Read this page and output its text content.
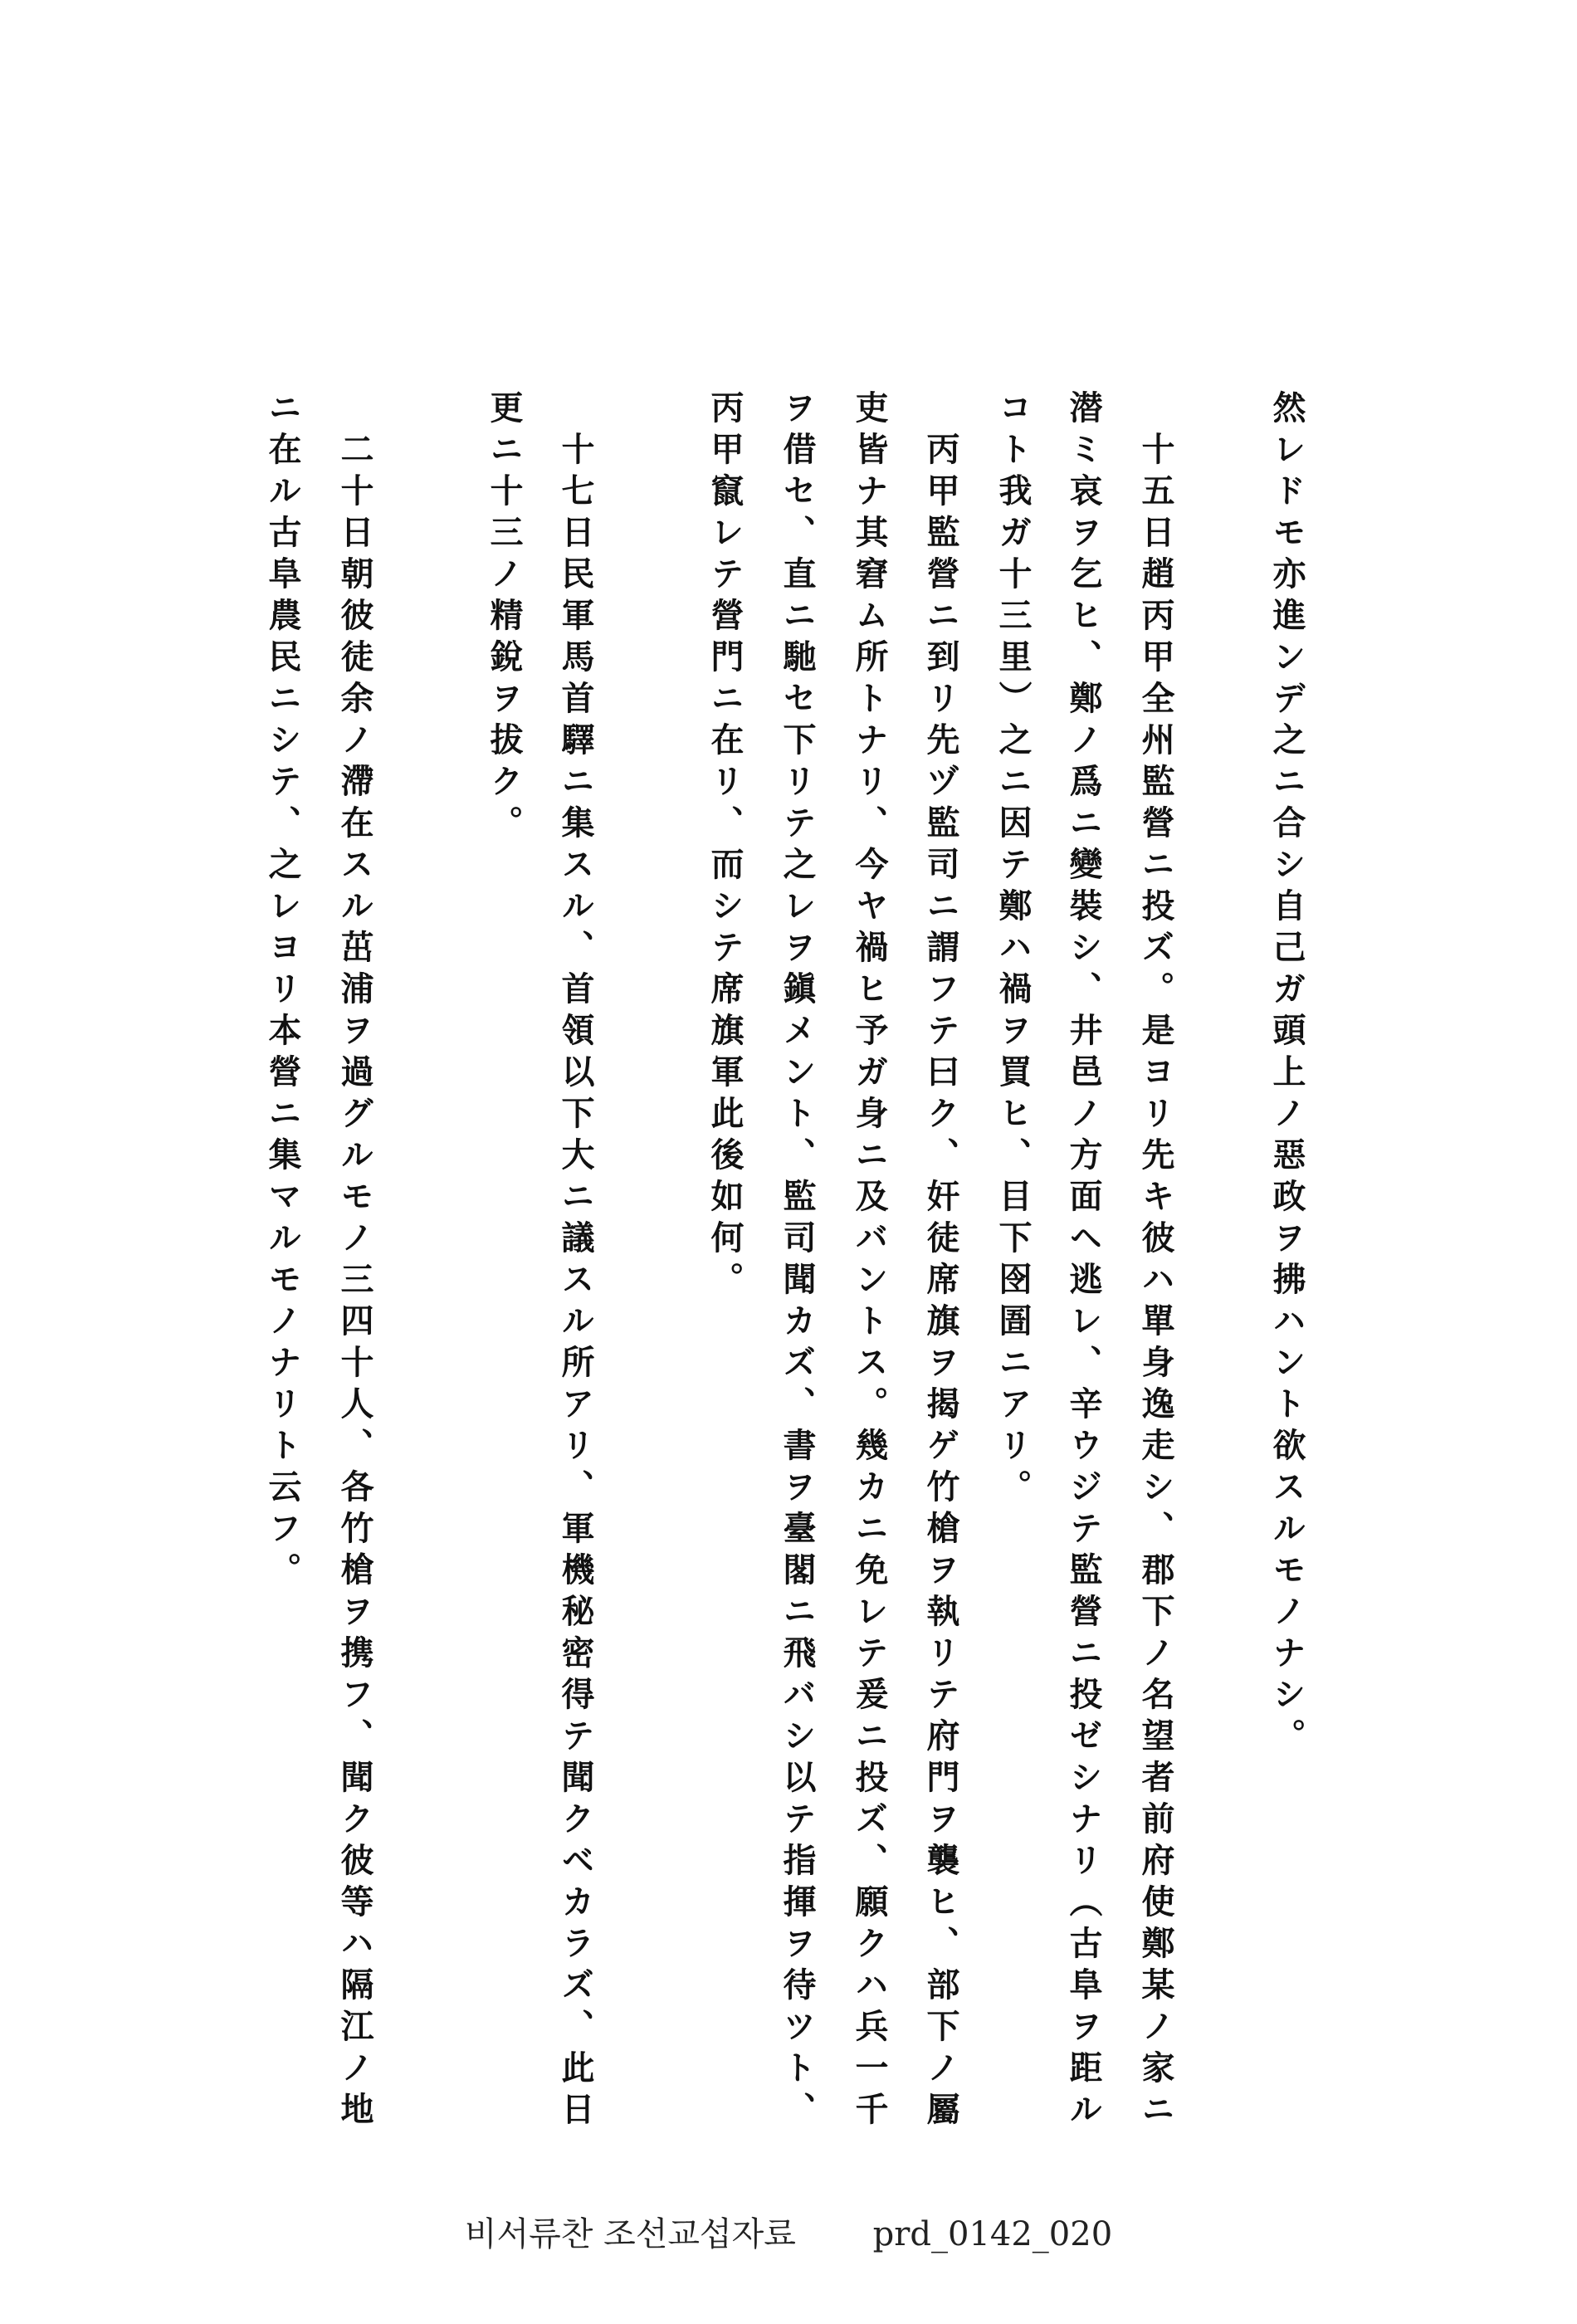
然レドモ亦進ンデ之ニ合シ自己ガ頭上ノ惡政ヲ拂ハント欲スルモノナシ。
十五日趙丙甲全州監營ニ投ズ。是ヨリ先キ彼ハ單身逸走シ、郡下ノ名望者前府使鄭某ノ家ニ
潜ミ哀ヲ乞ヒ、鄭ノ爲ニ變裝シ、井邑ノ方面ヘ逃レ、辛ウジテ監營ニ投ゼシナリ（古阜ヲ距ル
コト我ガ十三里）之ニ因テ鄭ハ禍ヲ買ヒ、目下囹圄ニアリ。
丙甲監營ニ到リ先ヅ監司ニ謂フテ曰ク、奸徒席旗ヲ揭ゲ竹槍ヲ執リテ府門ヲ襲ヒ、部下ノ屬
吏皆ナ其窘ム所トナリ、今ヤ禍ヒ予ガ身ニ及バントス。幾カニ免レテ爰ニ投ズ、願クハ兵一千
ヲ借セ、直ニ馳セ下リテ之レヲ鎭メント、監司聞カズ、書ヲ臺閣ニ飛バシ以テ指揮ヲ待ツト、
丙甲竄レテ營門ニ在リ、而シテ席旗軍此後如何。
十七日民軍馬首驛ニ集スル、首領以下大ニ議スル所アリ、軍機秘密得テ聞クベカラズ、此日
更ニ十三ノ精銳ヲ拔ク。
二十日朝彼徒余ノ滯在スル茁浦ヲ過グルモノ三四十人、各竹槍ヲ携フ、聞ク彼等ハ隔江ノ地
ニ在ル古阜農民ニシテ、之レヨリ本營ニ集マルモノナリト云フ。
비서류찬 조선교섭자료 prd_0142_020
